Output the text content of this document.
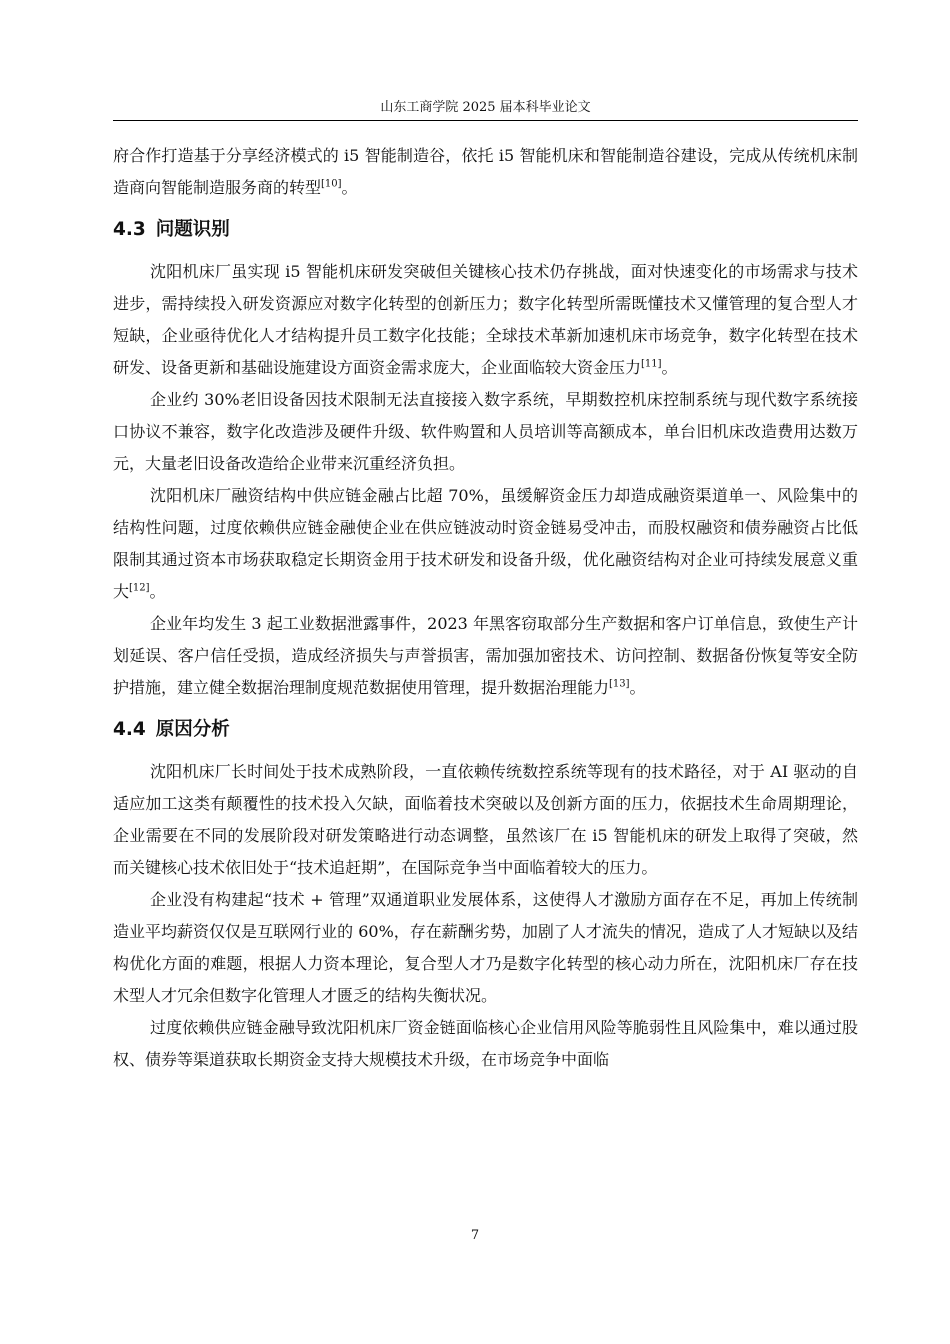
山东工商学院 2025 届本科毕业论文

府合作打造基于分享经济模式的 i5 智能制造谷，依托 i5 智能机床和智能制造谷建设，完成从传统机床制造商向智能制造服务商的转型[10]。

4.3 问题识别

沈阳机床厂虽实现 i5 智能机床研发突破但关键核心技术仍存挑战，面对快速变化的市场需求与技术进步，需持续投入研发资源应对数字化转型的创新压力；数字化转型所需既懂技术又懂管理的复合型人才短缺，企业亟待优化人才结构提升员工数字化技能；全球技术革新加速机床市场竞争，数字化转型在技术研发、设备更新和基础设施建设方面资金需求庞大，企业面临较大资金压力[11]。

企业约 30%老旧设备因技术限制无法直接接入数字系统，早期数控机床控制系统与现代数字系统接口协议不兼容，数字化改造涉及硬件升级、软件购置和人员培训等高额成本，单台旧机床改造费用达数万元，大量老旧设备改造给企业带来沉重经济负担。

沈阳机床厂融资结构中供应链金融占比超 70%，虽缓解资金压力却造成融资渠道单一、风险集中的结构性问题，过度依赖供应链金融使企业在供应链波动时资金链易受冲击，而股权融资和债券融资占比低限制其通过资本市场获取稳定长期资金用于技术研发和设备升级，优化融资结构对企业可持续发展意义重大[12]。

企业年均发生 3 起工业数据泄露事件，2023 年黑客窃取部分生产数据和客户订单信息，致使生产计划延误、客户信任受损，造成经济损失与声誉损害，需加强加密技术、访问控制、数据备份恢复等安全防护措施，建立健全数据治理制度规范数据使用管理，提升数据治理能力[13]。

4.4 原因分析

沈阳机床厂长时间处于技术成熟阶段，一直依赖传统数控系统等现有的技术路径，对于 AI 驱动的自适应加工这类有颠覆性的技术投入欠缺，面临着技术突破以及创新方面的压力，依据技术生命周期理论，企业需要在不同的发展阶段对研发策略进行动态调整，虽然该厂在 i5 智能机床的研发上取得了突破，然而关键核心技术依旧处于“技术追赶期”，在国际竞争当中面临着较大的压力。

企业没有构建起“技术 + 管理”双通道职业发展体系，这使得人才激励方面存在不足，再加上传统制造业平均薪资仅仅是互联网行业的 60%，存在薪酬劣势，加剧了人才流失的情况，造成了人才短缺以及结构优化方面的难题，根据人力资本理论，复合型人才乃是数字化转型的核心动力所在，沈阳机床厂存在技术型人才冗余但数字化管理人才匮乏的结构失衡状况。

过度依赖供应链金融导致沈阳机床厂资金链面临核心企业信用风险等脆弱性且风险集中，难以通过股权、债券等渠道获取长期资金支持大规模技术升级，在市场竞争中面临

7
